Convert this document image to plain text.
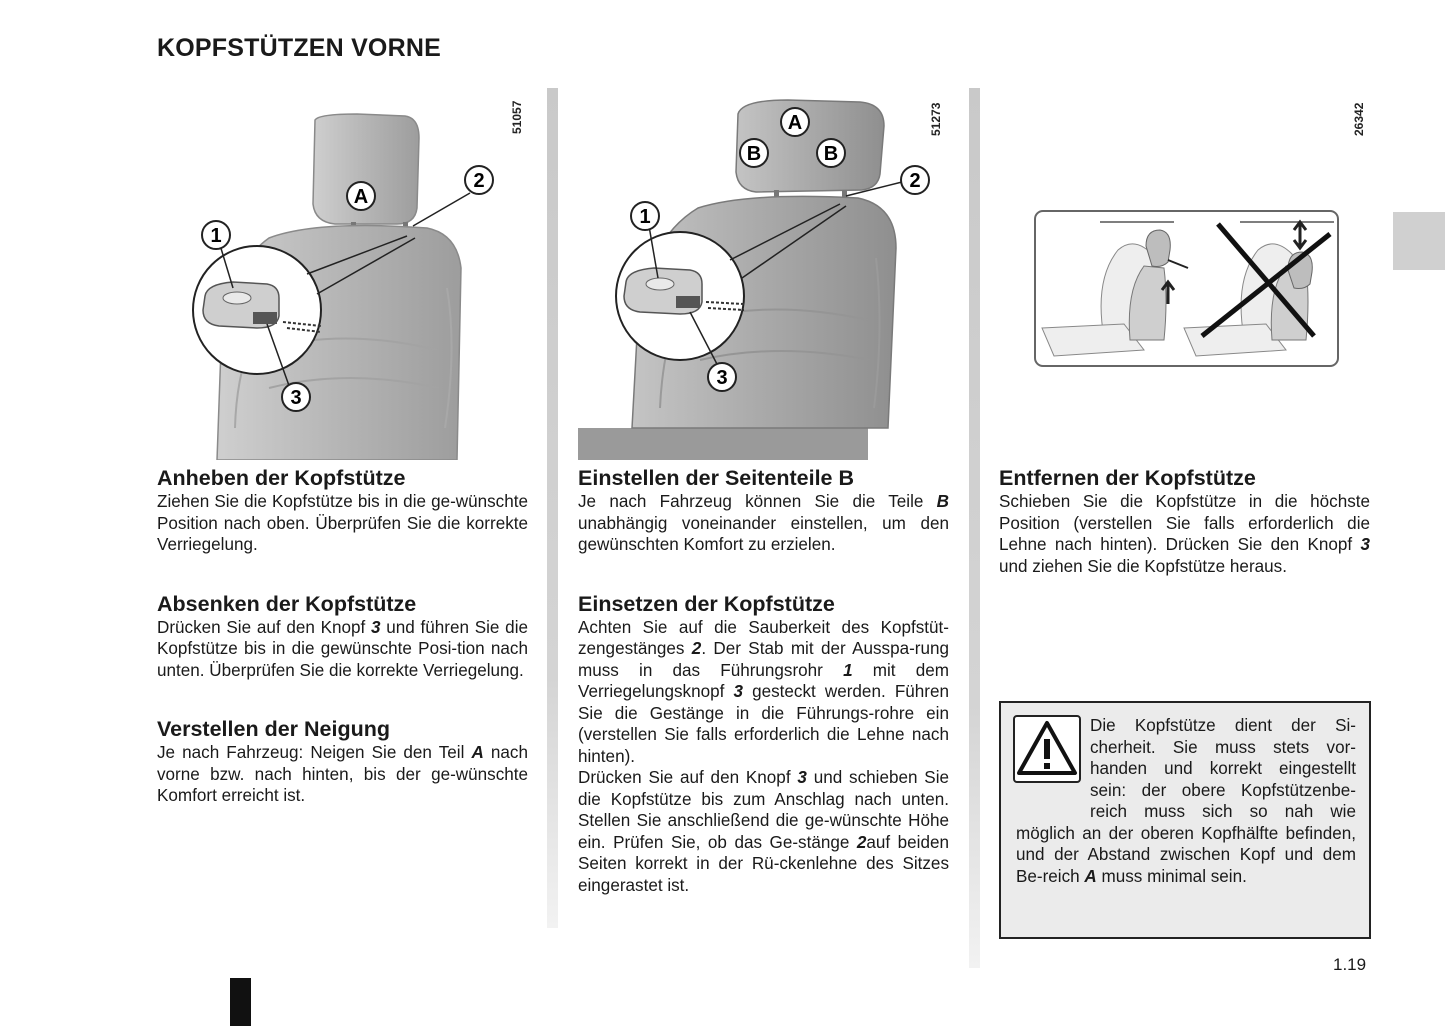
KOPFSTÜTZEN VORNE
51057
A
1
2
3
51273
A
B	B
1
2
3
26342
Anheben der Kopfstütze

Ziehen Sie die Kopfstütze bis in die ge-wünschte Position nach oben. Überprüfen Sie die korrekte Verriegelung.

Absenken der Kopfstütze

Drücken Sie auf den Knopf 3 und führen Sie die Kopfstütze bis in die gewünschte Posi-tion nach unten. Überprüfen Sie die korrekte Verriegelung.

Verstellen der Neigung

Je nach Fahrzeug: Neigen Sie den Teil A nach vorne bzw. nach hinten, bis der ge-wünschte Komfort erreicht ist.

Einstellen der Seitenteile B

Je nach Fahrzeug können Sie die Teile B unabhängig voneinander einstellen, um den gewünschten Komfort zu erzielen.

Einsetzen der Kopfstütze

Achten Sie auf die Sauberkeit des Kopfstüt-zengestänges 2. Der Stab mit der Ausspa-rung muss in das Führungsrohr 1 mit dem Verriegelungsknopf 3 gesteckt werden. Führen Sie die Gestänge in die Führungs-rohre ein (verstellen Sie falls erforderlich die Lehne nach hinten).

Drücken Sie auf den Knopf 3 und schieben Sie die Kopfstütze bis zum Anschlag nach unten. Stellen Sie anschließend die ge-wünschte Höhe ein. Prüfen Sie, ob das Ge-stänge 2auf beiden Seiten korrekt in der Rü-ckenlehne des Sitzes eingerastet ist.

Entfernen der Kopfstütze

Schieben Sie die Kopfstütze in die höchste Position (verstellen Sie falls erforderlich die Lehne nach hinten). Drücken Sie den Knopf 3 und ziehen Sie die Kopfstütze heraus.

Die Kopfstütze dient der Si-cherheit. Sie muss stets vor-handen und korrekt eingestellt sein: der obere Kopfstützenbe-reich muss sich so nah wie möglich an der oberen Kopfhälfte befinden, und der Abstand zwischen Kopf und dem Be-reich A muss minimal sein.
1.19
